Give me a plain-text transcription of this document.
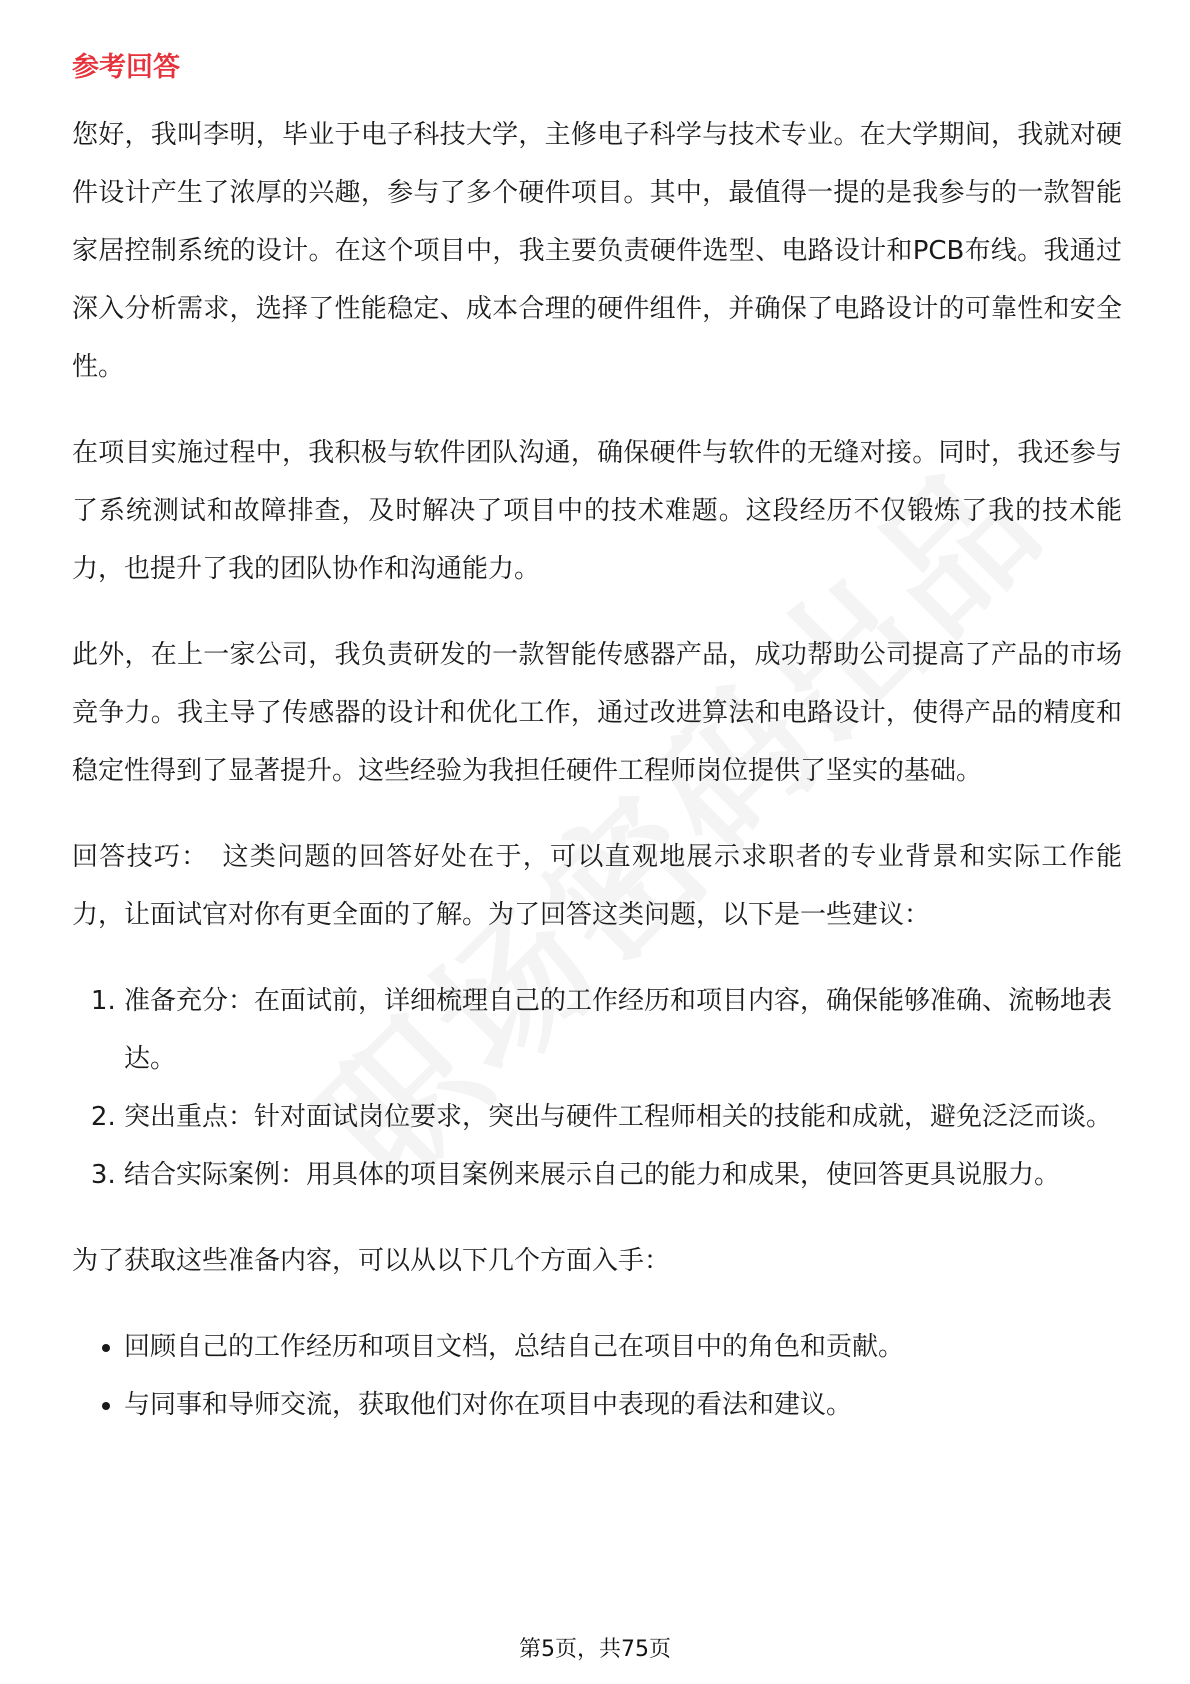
参考回答

您好，我叫李明，毕业于电子科技大学，主修电子科学与技术专业。在大学期间，我就对硬件设计产生了浓厚的兴趣，参与了多个硬件项目。其中，最值得一提的是我参与的一款智能家居控制系统的设计。在这个项目中，我主要负责硬件选型、电路设计和PCB布线。我通过深入分析需求，选择了性能稳定、成本合理的硬件组件，并确保了电路设计的可靠性和安全性。

在项目实施过程中，我积极与软件团队沟通，确保硬件与软件的无缝对接。同时，我还参与了系统测试和故障排查，及时解决了项目中的技术难题。这段经历不仅锻炼了我的技术能力，也提升了我的团队协作和沟通能力。

此外，在上一家公司，我负责研发的一款智能传感器产品，成功帮助公司提高了产品的市场竞争力。我主导了传感器的设计和优化工作，通过改进算法和电路设计，使得产品的精度和稳定性得到了显著提升。这些经验为我担任硬件工程师岗位提供了坚实的基础。

回答技巧： 这类问题的回答好处在于，可以直观地展示求职者的专业背景和实际工作能力，让面试官对你有更全面的了解。为了回答这类问题，以下是一些建议：

1. 准备充分：在面试前，详细梳理自己的工作经历和项目内容，确保能够准确、流畅地表达。
2. 突出重点：针对面试岗位要求，突出与硬件工程师相关的技能和成就，避免泛泛而谈。
3. 结合实际案例：用具体的项目案例来展示自己的能力和成果，使回答更具说服力。

为了获取这些准备内容，可以从以下几个方面入手：

• 回顾自己的工作经历和项目文档，总结自己在项目中的角色和贡献。
• 与同事和导师交流，获取他们对你在项目中表现的看法和建议。
第5页，共75页
